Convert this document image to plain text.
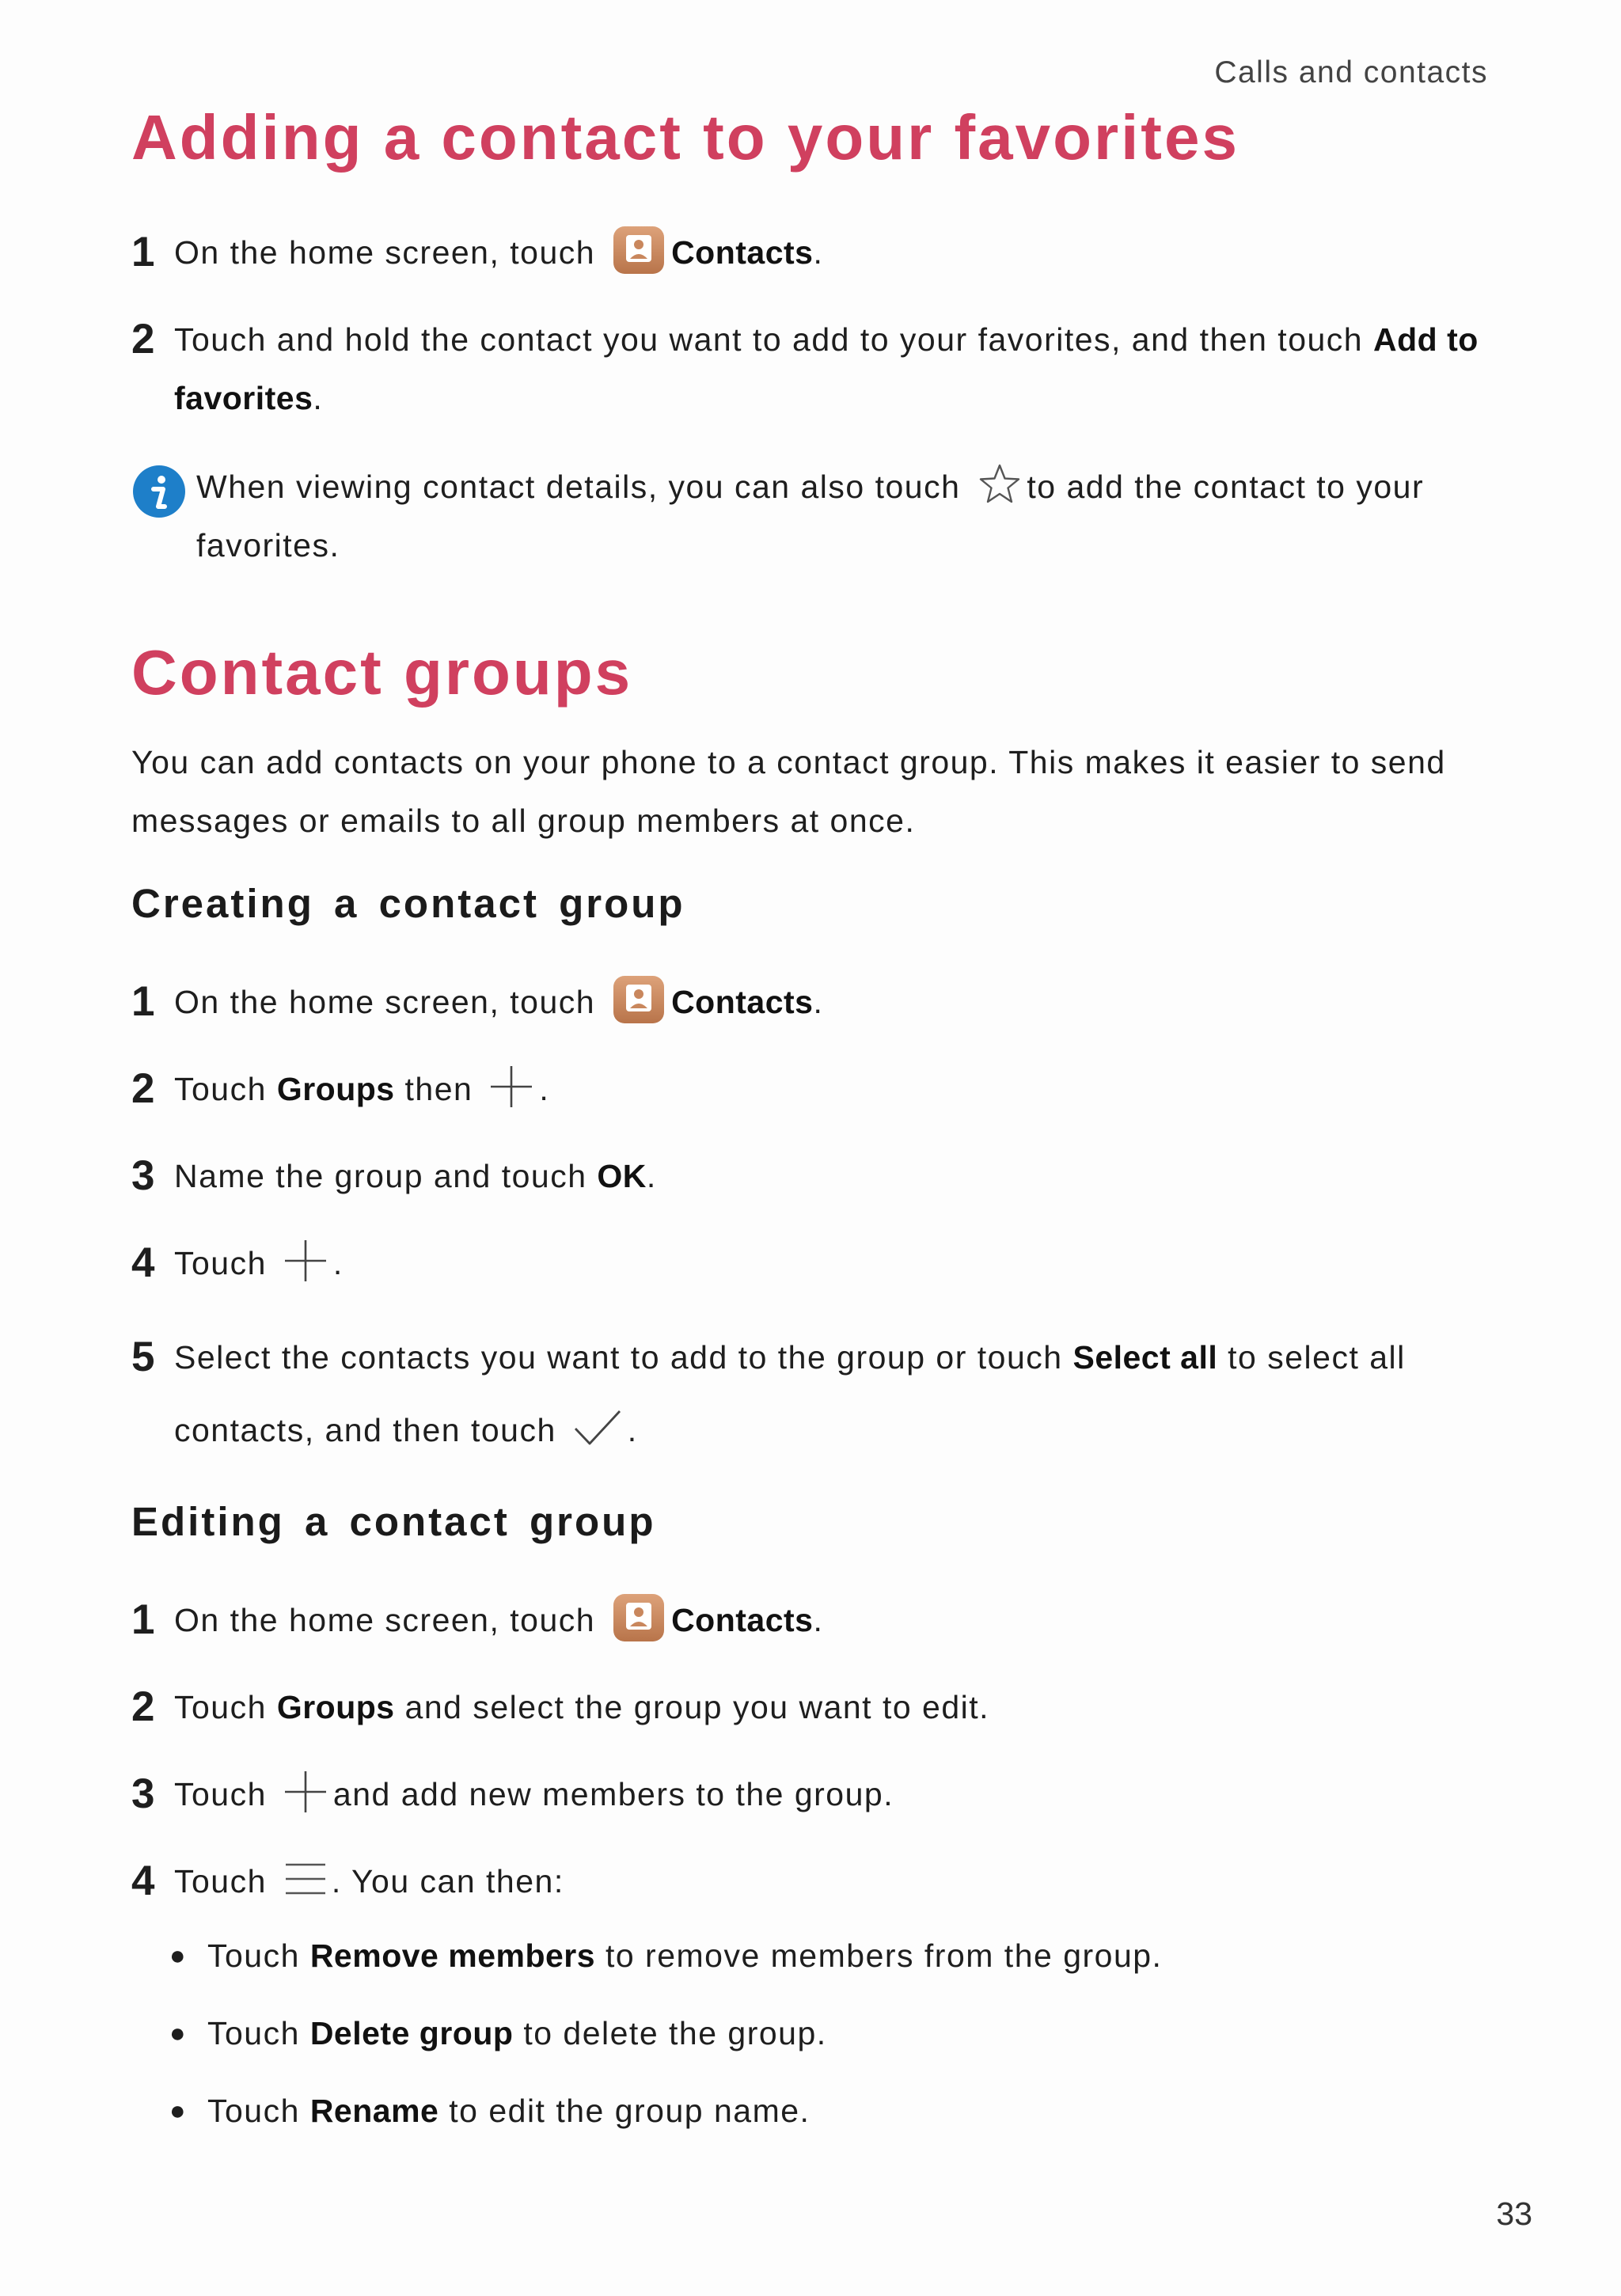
Calls and contacts
Adding a contact to your favorites
1 On the home screen, touch Contacts.
2 Touch and hold the contact you want to add to your favorites, and then touch Add to favorites.
When viewing contact details, you can also touch to add the contact to your favorites.
Contact groups
You can add contacts on your phone to a contact group. This makes it easier to send messages or emails to all group members at once.
Creating a contact group
1 On the home screen, touch Contacts.
2 Touch Groups then .
3 Name the group and touch OK.
4 Touch .
5 Select the contacts you want to add to the group or touch Select all to select all contacts, and then touch .
Editing a contact group
1 On the home screen, touch Contacts.
2 Touch Groups and select the group you want to edit.
3 Touch and add new members to the group.
4 Touch . You can then:
● Touch Remove members to remove members from the group.
● Touch Delete group to delete the group.
● Touch Rename to edit the group name.
33
